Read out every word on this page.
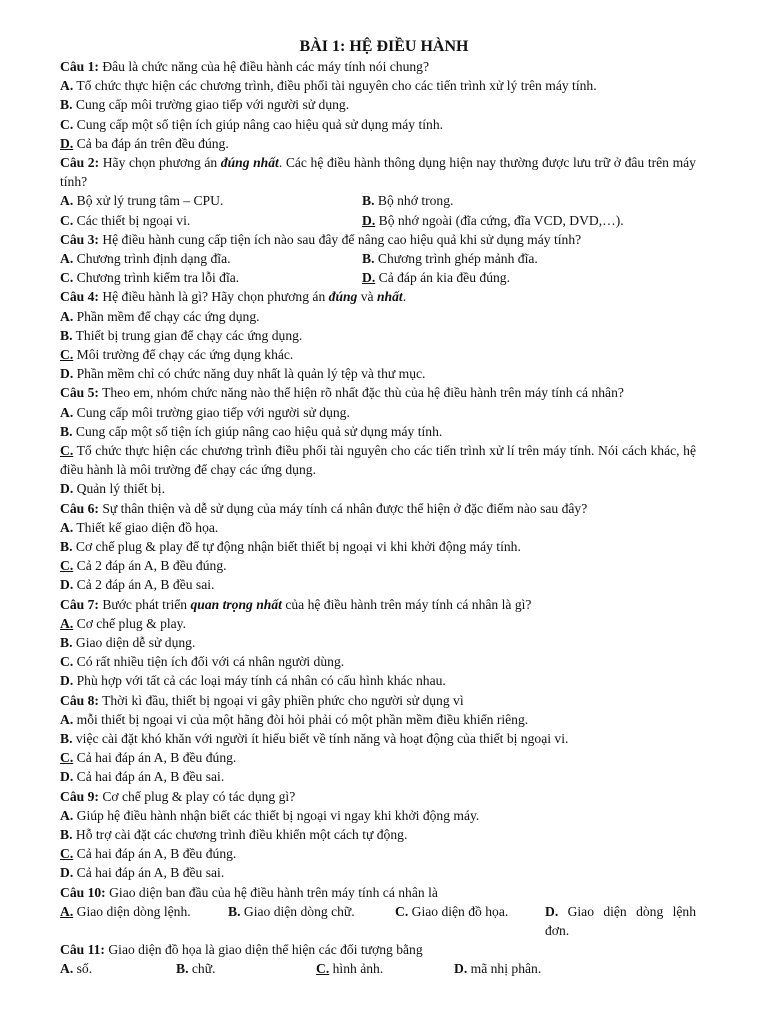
BÀI 1: HỆ ĐIỀU HÀNH
Câu 1: Đâu là chức năng của hệ điều hành các máy tính nói chung?
A. Tổ chức thực hiện các chương trình, điều phối tài nguyên cho các tiến trình xử lý trên máy tính.
B. Cung cấp môi trường giao tiếp với người sử dụng.
C. Cung cấp một số tiện ích giúp nâng cao hiệu quả sử dụng máy tính.
D. Cả ba đáp án trên đều đúng.
Câu 2: Hãy chọn phương án đúng nhất. Các hệ điều hành thông dụng hiện nay thường được lưu trữ ở đâu trên máy tính?
A. Bộ xử lý trung tâm – CPU.	B. Bộ nhớ trong.
C. Các thiết bị ngoại vi.	D. Bộ nhớ ngoài (đĩa cứng, đĩa VCD, DVD,…).
Câu 3: Hệ điều hành cung cấp tiện ích nào sau đây để nâng cao hiệu quả khi sử dụng máy tính?
A. Chương trình định dạng đĩa.	B. Chương trình ghép mảnh đĩa.
C. Chương trình kiểm tra lỗi đĩa.	D. Cả đáp án kia đều đúng.
Câu 4: Hệ điều hành là gì? Hãy chọn phương án đúng và nhất.
A. Phần mềm để chạy các ứng dụng.
B. Thiết bị trung gian để chạy các ứng dụng.
C. Môi trường để chạy các ứng dụng khác.
D. Phần mềm chỉ có chức năng duy nhất là quản lý tệp và thư mục.
Câu 5: Theo em, nhóm chức năng nào thể hiện rõ nhất đặc thù của hệ điều hành trên máy tính cá nhân?
A. Cung cấp môi trường giao tiếp với người sử dụng.
B. Cung cấp một số tiện ích giúp nâng cao hiệu quả sử dụng máy tính.
C. Tổ chức thực hiện các chương trình điều phối tài nguyên cho các tiến trình xử lí trên máy tính. Nói cách khác, hệ điều hành là môi trường để chạy các ứng dụng.
D. Quản lý thiết bị.
Câu 6: Sự thân thiện và dễ sử dụng của máy tính cá nhân được thể hiện ở đặc điểm nào sau đây?
A. Thiết kế giao diện đồ họa.
B. Cơ chế plug & play để tự động nhận biết thiết bị ngoại vi khi khởi động máy tính.
C. Cả 2 đáp án A, B đều đúng.
D. Cả 2 đáp án A, B đều sai.
Câu 7: Bước phát triển quan trọng nhất của hệ điều hành trên máy tính cá nhân là gì?
A. Cơ chế plug & play.
B. Giao diện dễ sử dụng.
C. Có rất nhiều tiện ích đối với cá nhân người dùng.
D. Phù hợp với tất cả các loại máy tính cá nhân có cấu hình khác nhau.
Câu 8: Thời kì đầu, thiết bị ngoại vi gây phiền phức cho người sử dụng vì
A. mỗi thiết bị ngoại vi của một hãng đòi hỏi phải có một phần mềm điều khiển riêng.
B. việc cài đặt khó khăn với người ít hiểu biết về tính năng và hoạt động của thiết bị ngoại vi.
C. Cả hai đáp án A, B đều đúng.
D. Cả hai đáp án A, B đều sai.
Câu 9: Cơ chế plug & play có tác dụng gì?
A. Giúp hệ điều hành nhận biết các thiết bị ngoại vi ngay khi khởi động máy.
B. Hỗ trợ cài đặt các chương trình điều khiển một cách tự động.
C. Cả hai đáp án A, B đều đúng.
D. Cả hai đáp án A, B đều sai.
Câu 10: Giao diện ban đầu của hệ điều hành trên máy tính cá nhân là
A. Giao diện dòng lệnh.	B. Giao diện dòng chữ.	C. Giao diện đồ họa.	D. Giao diện dòng lệnh đơn.
Câu 11: Giao diện đồ họa là giao diện thể hiện các đối tượng bằng
A. số.	B. chữ.	C. hình ảnh.	D. mã nhị phân.
